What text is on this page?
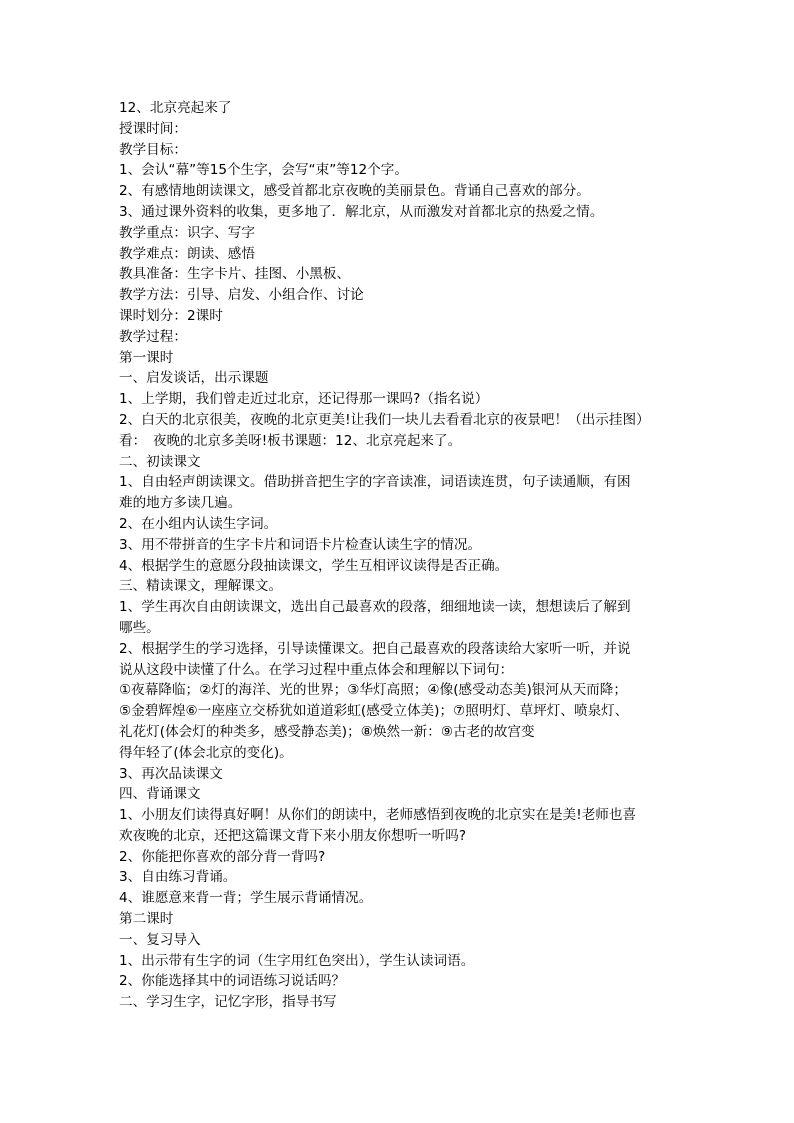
12、北京亮起来了
授课时间：
教学目标：
1、会认“幕”等15个生字，会写“束”等12个字。
2、有感情地朗读课文，感受首都北京夜晚的美丽景色。背诵自己喜欢的部分。
3、通过课外资料的收集，更多地了．解北京，从而激发对首都北京的热爱之情。
教学重点：识字、写字
教学难点：朗读、感悟
教具准备：生字卡片、挂图、小黑板、
教学方法：引导、启发、小组合作、讨论
课时划分：2课时
教学过程：
第一课时
一、启发谈话，出示课题
1、上学期，我们曾走近过北京，还记得那一课吗?（指名说）
2、白天的北京很美，夜晚的北京更美!让我们一块儿去看看北京的夜景吧！（出示挂图）
看：　夜晚的北京多美呀!板书课题：12、北京亮起来了。
二、初读课文
1、自由轻声朗读课文。借助拼音把生字的字音读准，词语读连贯，句子读通顺，有困
难的地方多读几遍。
2、在小组内认读生字词。
3、用不带拼音的生字卡片和词语卡片检查认读生字的情况。
4、根据学生的意愿分段抽读课文，学生互相评议读得是否正确。
三、精读课文，理解课文。
1、学生再次自由朗读课文，选出自己最喜欢的段落，细细地读一读，想想读后了解到
哪些。
2、根据学生的学习选择，引导读懂课文。把自己最喜欢的段落读给大家听一听，并说
说从这段中读懂了什么。在学习过程中重点体会和理解以下词句：
①夜幕降临；②灯的海洋、光的世界；③华灯高照；④像(感受动态美)银河从天而降；
⑤金碧辉煌⑥一座座立交桥犹如道道彩虹(感受立体美)；⑦照明灯、草坪灯、喷泉灯、
礼花灯(体会灯的种类多，感受静态美)；⑧焕然一新：⑨古老的故宫变
得年轻了(体会北京的变化)。
3、再次品读课文
四、背诵课文
1、小朋友们读得真好啊！从你们的朗读中，老师感悟到夜晚的北京实在是美!老师也喜
欢夜晚的北京，还把这篇课文背下来小朋友你想听一听吗?
2、你能把你喜欢的部分背一背吗?
3、自由练习背诵。
4、谁愿意来背一背；学生展示背诵情况。
第二课时
一、复习导入
1、出示带有生字的词（生字用红色突出），学生认读词语。
2、你能选择其中的词语练习说话吗？
二、学习生字，记忆字形，指导书写
